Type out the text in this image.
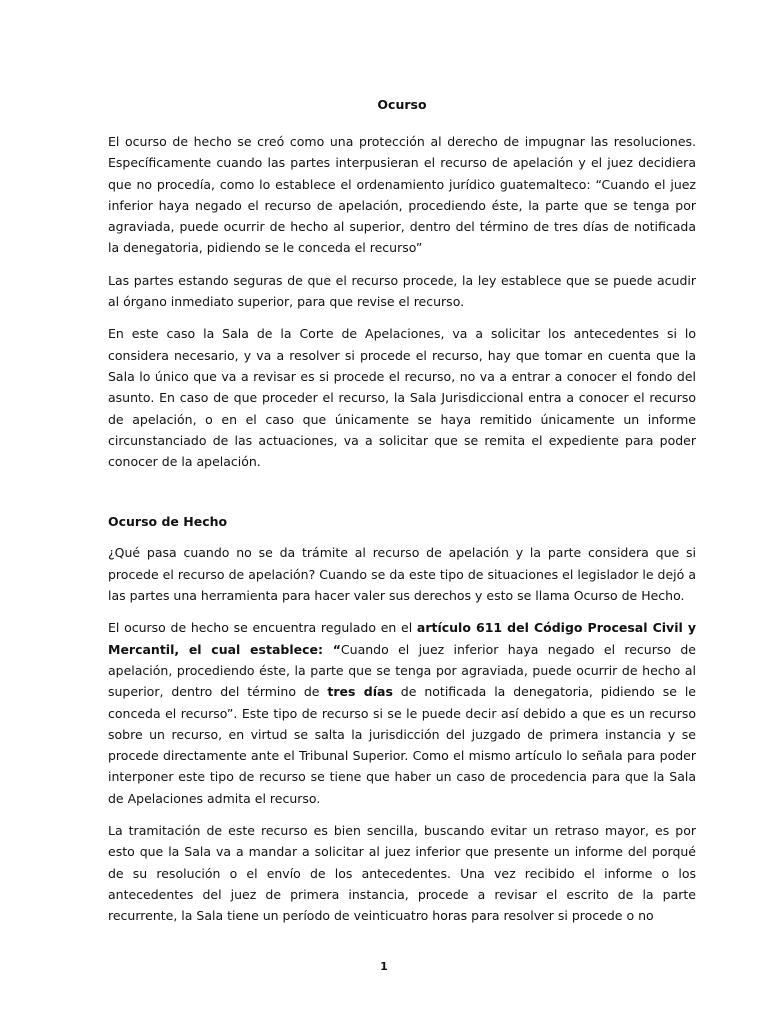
Ocurso

El ocurso de hecho se creó como una protección al derecho de impugnar las resoluciones. Específicamente cuando las partes interpusieran el recurso de apelación y el juez decidiera que no procedía, como lo establece el ordenamiento jurídico guatemalteco: “Cuando el juez inferior haya negado el recurso de apelación, procediendo éste, la parte que se tenga por agraviada, puede ocurrir de hecho al superior, dentro del término de tres días de notificada la denegatoria, pidiendo se le conceda el recurso”

Las partes estando seguras de que el recurso procede, la ley establece que se puede acudir al órgano inmediato superior, para que revise el recurso.

En este caso la Sala de la Corte de Apelaciones, va a solicitar los antecedentes si lo considera necesario, y va a resolver si procede el recurso, hay que tomar en cuenta que la Sala lo único que va a revisar es si procede el recurso, no va a entrar a conocer el fondo del asunto. En caso de que proceder el recurso, la Sala Jurisdiccional entra a conocer el recurso de apelación, o en el caso que únicamente se haya remitido únicamente un informe circunstanciado de las actuaciones, va a solicitar que se remita el expediente para poder conocer de la apelación.

Ocurso de Hecho

¿Qué pasa cuando no se da trámite al recurso de apelación y la parte considera que si procede el recurso de apelación? Cuando se da este tipo de situaciones el legislador le dejó a las partes una herramienta para hacer valer sus derechos y esto se llama Ocurso de Hecho.

El ocurso de hecho se encuentra regulado en el artículo 611 del Código Procesal Civil y Mercantil, el cual establece: “Cuando el juez inferior haya negado el recurso de apelación, procediendo éste, la parte que se tenga por agraviada, puede ocurrir de hecho al superior, dentro del término de tres días de notificada la denegatoria, pidiendo se le conceda el recurso”. Este tipo de recurso si se le puede decir así debido a que es un recurso sobre un recurso, en virtud se salta la jurisdicción del juzgado de primera instancia y se procede directamente ante el Tribunal Superior. Como el mismo artículo lo señala para poder interponer este tipo de recurso se tiene que haber un caso de procedencia para que la Sala de Apelaciones admita el recurso.

La tramitación de este recurso es bien sencilla, buscando evitar un retraso mayor, es por esto que la Sala va a mandar a solicitar al juez inferior que presente un informe del porqué de su resolución o el envío de los antecedentes. Una vez recibido el informe o los antecedentes del juez de primera instancia, procede a revisar el escrito de la parte recurrente, la Sala tiene un período de veinticuatro horas para resolver si procede o no

1
